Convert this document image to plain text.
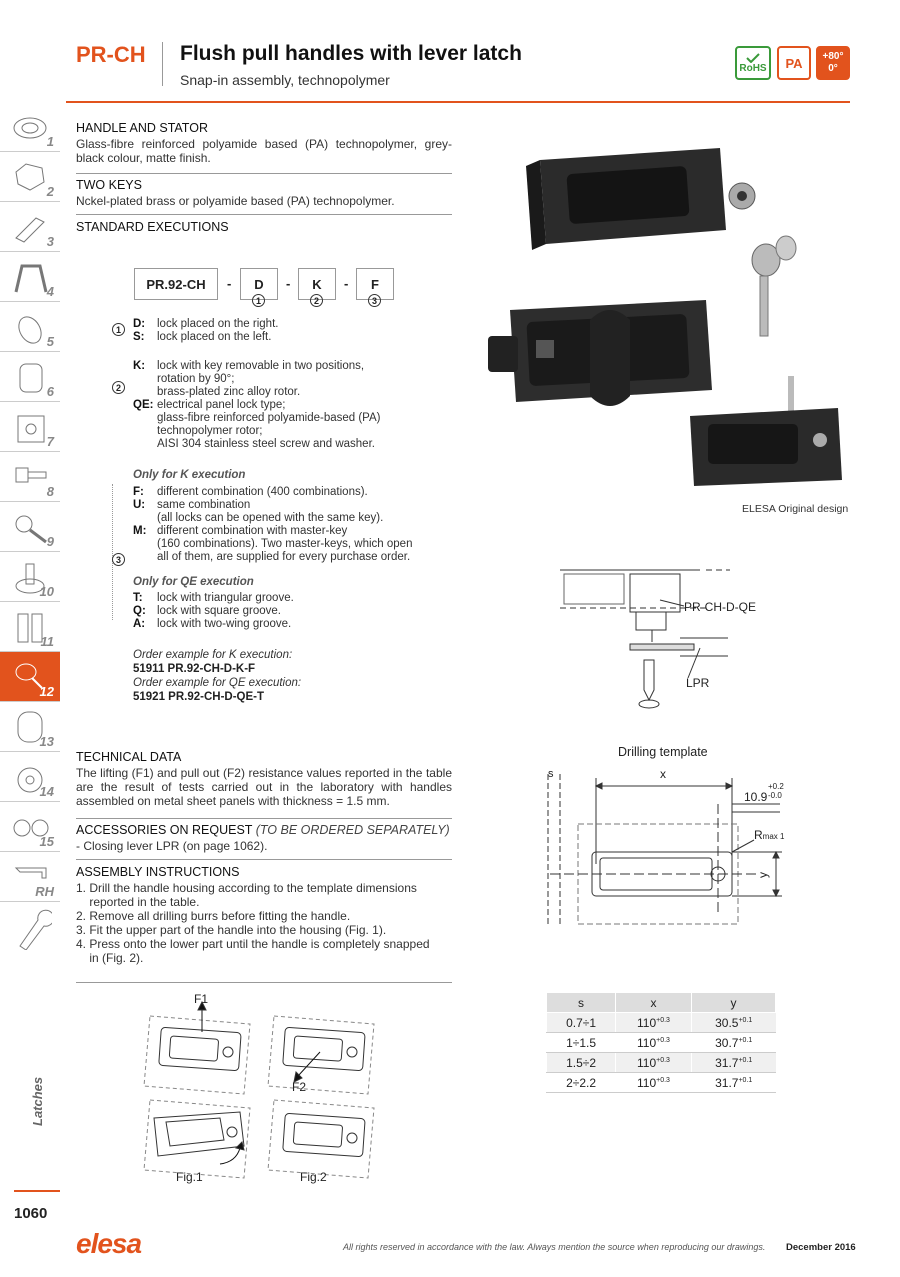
PR-CH Flush pull handles with lever latch
Snap-in assembly, technopolymer
RoHS	PA	+80°
0°
1
2
3
4
5
6
7
8
9
10
11
12
13
14
15
RH
Latches
1060
HANDLE AND STATOR
Glass-fibre reinforced polyamide based (PA) technopolymer, grey-black colour, matte finish.
TWO KEYS
Nckel-plated brass or polyamide based (PA) technopolymer.
STANDARD EXECUTIONS
PR.92-CH	-	D	-	K	-	F
1	2	3
1	D: lock placed on the right.
S: lock placed on the left.
2
K: lock with key removable in two positions,
rotation by 90°;
brass-plated zinc alloy rotor.
QE: electrical panel lock type;
glass-fibre reinforced polyamide-based (PA)
technopolymer rotor;
AISI 304 stainless steel screw and washer.
Only for K execution
3
F: different combination (400 combinations).
U: same combination
(all locks can be opened with the same key).
M: different combination with master-key
(160 combinations). Two master-keys, which open
all of them, are supplied for every purchase order.
Only for QE execution
T: lock with triangular groove.
Q: lock with square groove.
A: lock with two-wing groove.
Order example for K execution:
51911 PR.92-CH-D-K-F
Order example for QE execution:
51921 PR.92-CH-D-QE-T
TECHNICAL DATA
The lifting (F1) and pull out (F2) resistance values reported in the table are the result of tests carried out in the laboratory with handles assembled on metal sheet panels with thickness = 1.5 mm.
ACCESSORIES ON REQUEST (TO BE ORDERED SEPARATELY)
- Closing lever LPR (on page 1062).
ASSEMBLY INSTRUCTIONS
1. Drill the handle housing according to the template dimensions
reported in the table.
2. Remove all drilling burrs before fitting the handle.
3. Fit the upper part of the handle into the housing (Fig. 1).
4. Press onto the lower part until the handle is completely snapped
in (Fig. 2).
F1
F2
Fig.1	Fig.2
ELESA Original design
PR-CH-D-QE
LPR
Drilling template
s	x
10.9
+0.2
-0.0
Rmax 1
y
s	x	y
0.7÷1	$110^{+0.3}$	$30.5^{+0.1}$
1÷1.5	$110^{+0.3}$	$30.7^{+0.1}$
1.5÷2	$110^{+0.3}$	$31.7^{+0.1}$
2÷2.2	$110^{+0.3}$	$31.7^{+0.1}$
elesa	All rights reserved in accordance with the law. Always mention the source when reproducing our drawings. December 2016
